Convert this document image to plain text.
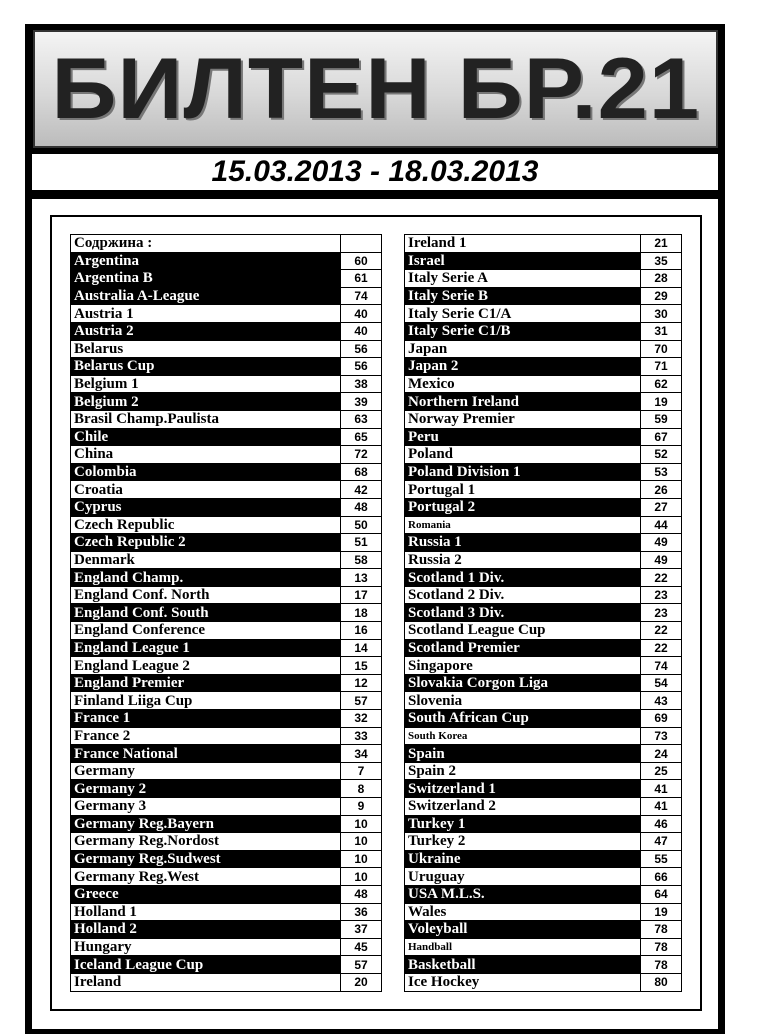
БИЛТЕН БР.21
15.03.2013 - 18.03.2013
Содржина :	
Argentina	60
Argentina B	61
Australia A-League	74
Austria 1	40
Austria 2	40
Belarus	56
Belarus Cup	56
Belgium 1	38
Belgium 2	39
Brasil Champ.Paulista	63
Chile	65
China	72
Colombia	68
Croatia	42
Cyprus	48
Czech Republic	50
Czech Republic 2	51
Denmark	58
England Champ.	13
England Conf. North	17
England Conf. South	18
England Conference	16
England League 1	14
England League 2	15
England Premier	12
Finland Liiga Cup	57
France 1	32
France 2	33
France National	34
Germany	7
Germany 2	8
Germany 3	9
Germany Reg.Bayern	10
Germany Reg.Nordost	10
Germany Reg.Sudwest	10
Germany Reg.West	10
Greece	48
Holland 1	36
Holland 2	37
Hungary	45
Iceland League Cup	57
Ireland	20
Ireland 1	21
Israel	35
Italy Serie A	28
Italy Serie B	29
Italy Serie C1/A	30
Italy Serie C1/B	31
Japan	70
Japan 2	71
Mexico	62
Northern Ireland	19
Norway Premier	59
Peru	67
Poland	52
Poland Division 1	53
Portugal 1	26
Portugal 2	27
Romania	44
Russia 1	49
Russia 2	49
Scotland 1 Div.	22
Scotland 2 Div.	23
Scotland 3 Div.	23
Scotland League Cup	22
Scotland Premier	22
Singapore	74
Slovakia Corgon Liga	54
Slovenia	43
South African Cup	69
South Korea	73
Spain	24
Spain 2	25
Switzerland 1	41
Switzerland 2	41
Turkey 1	46
Turkey 2	47
Ukraine	55
Uruguay	66
USA M.L.S.	64
Wales	19
Voleyball	78
Handball	78
Basketball	78
Ice Hockey	80
